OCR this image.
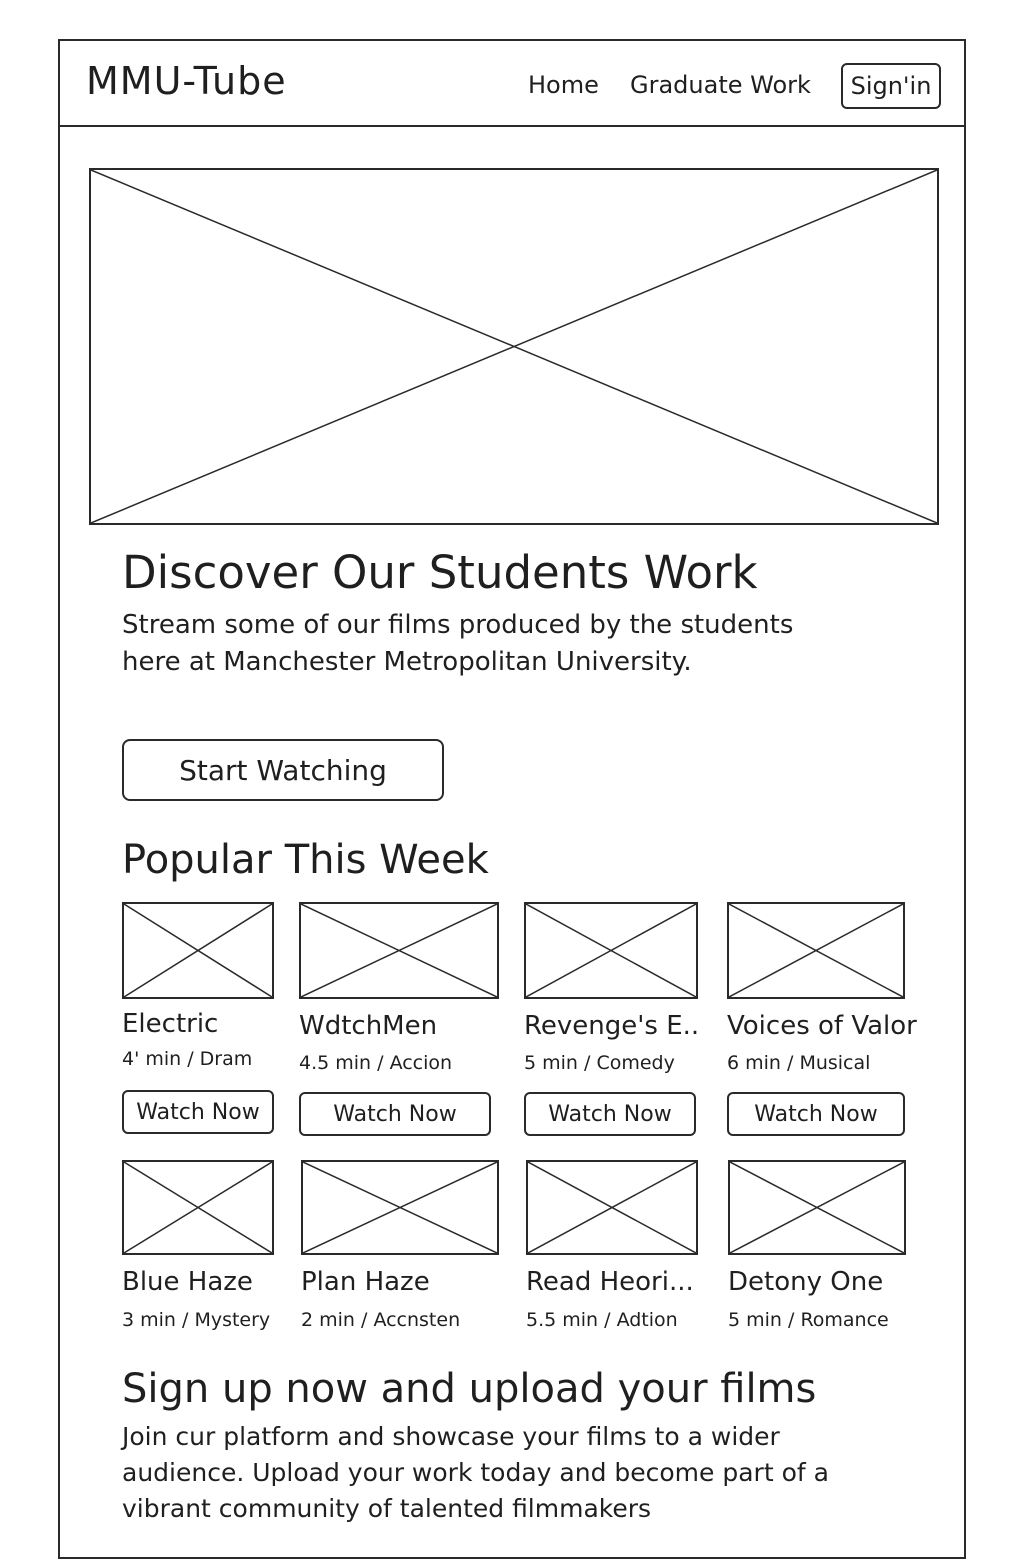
MMU-Tube	Home Graduate Work	Sign'in
Discover Our Students Work
Stream some of our films produced by the students here at Manchester Metropolitan University.
Start Watching
Popular This Week
Electric
4' min / Dram
Watch Now
WdtchMen
4.5 min / Accion
Watch Now
Revenge's E..
5 min / Comedy
Watch Now
Voices of Valor
6 min / Musical
Watch Now
Blue Haze
3 min / Mystery
Plan Haze
2 min / Accnsten
Read Heori...
5.5 min / Adtion
Detony One
5 min / Romance
Sign up now and upload your films
Join cur platform and showcase your films to a wider audience. Upload your work today and become part of a vibrant community of talented filmmakers
